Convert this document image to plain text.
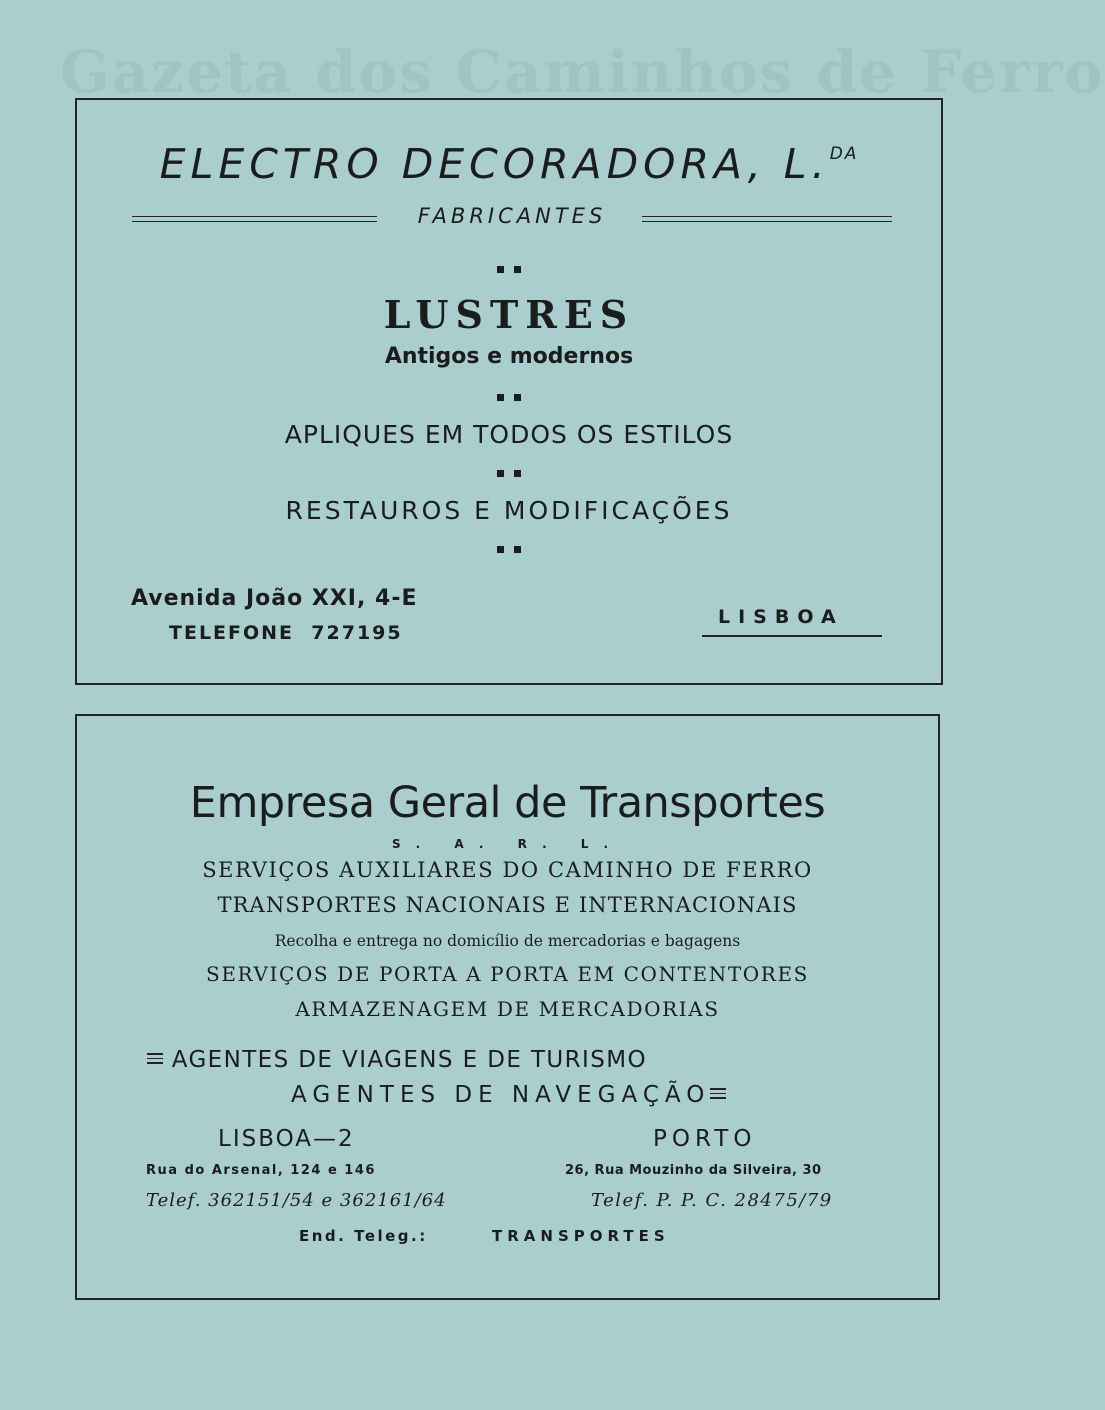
Gazeta dos Caminhos de Ferro
ELECTRO DECORADORA, L.$^{DA}$
FABRICANTES
LUSTRES
Antigos e modernos
APLIQUES EM TODOS OS ESTILOS
RESTAUROS E MODIFICAÇÕES
Avenida João XXI, 4-E
TELEFONE 727195
LISBOA
Empresa Geral de Transportes
S. A. R. L.
SERVIÇOS AUXILIARES DO CAMINHO DE FERRO
TRANSPORTES NACIONAIS E INTERNACIONAIS
Recolha e entrega no domicílio de mercadorias e bagagens
SERVIÇOS DE PORTA A PORTA EM CONTENTORES
ARMAZENAGEM DE MERCADORIAS
AGENTES DE VIAGENS E DE TURISMO
AGENTES DE NAVEGAÇÃO
LISBOA—2	PORTO
Rua do Arsenal, 124 e 146	26, Rua Mouzinho da Silveira, 30
Telef. 362151/54 e 362161/64	Telef. P. P. C. 28475/79
End. Teleg.:	TRANSPORTES
